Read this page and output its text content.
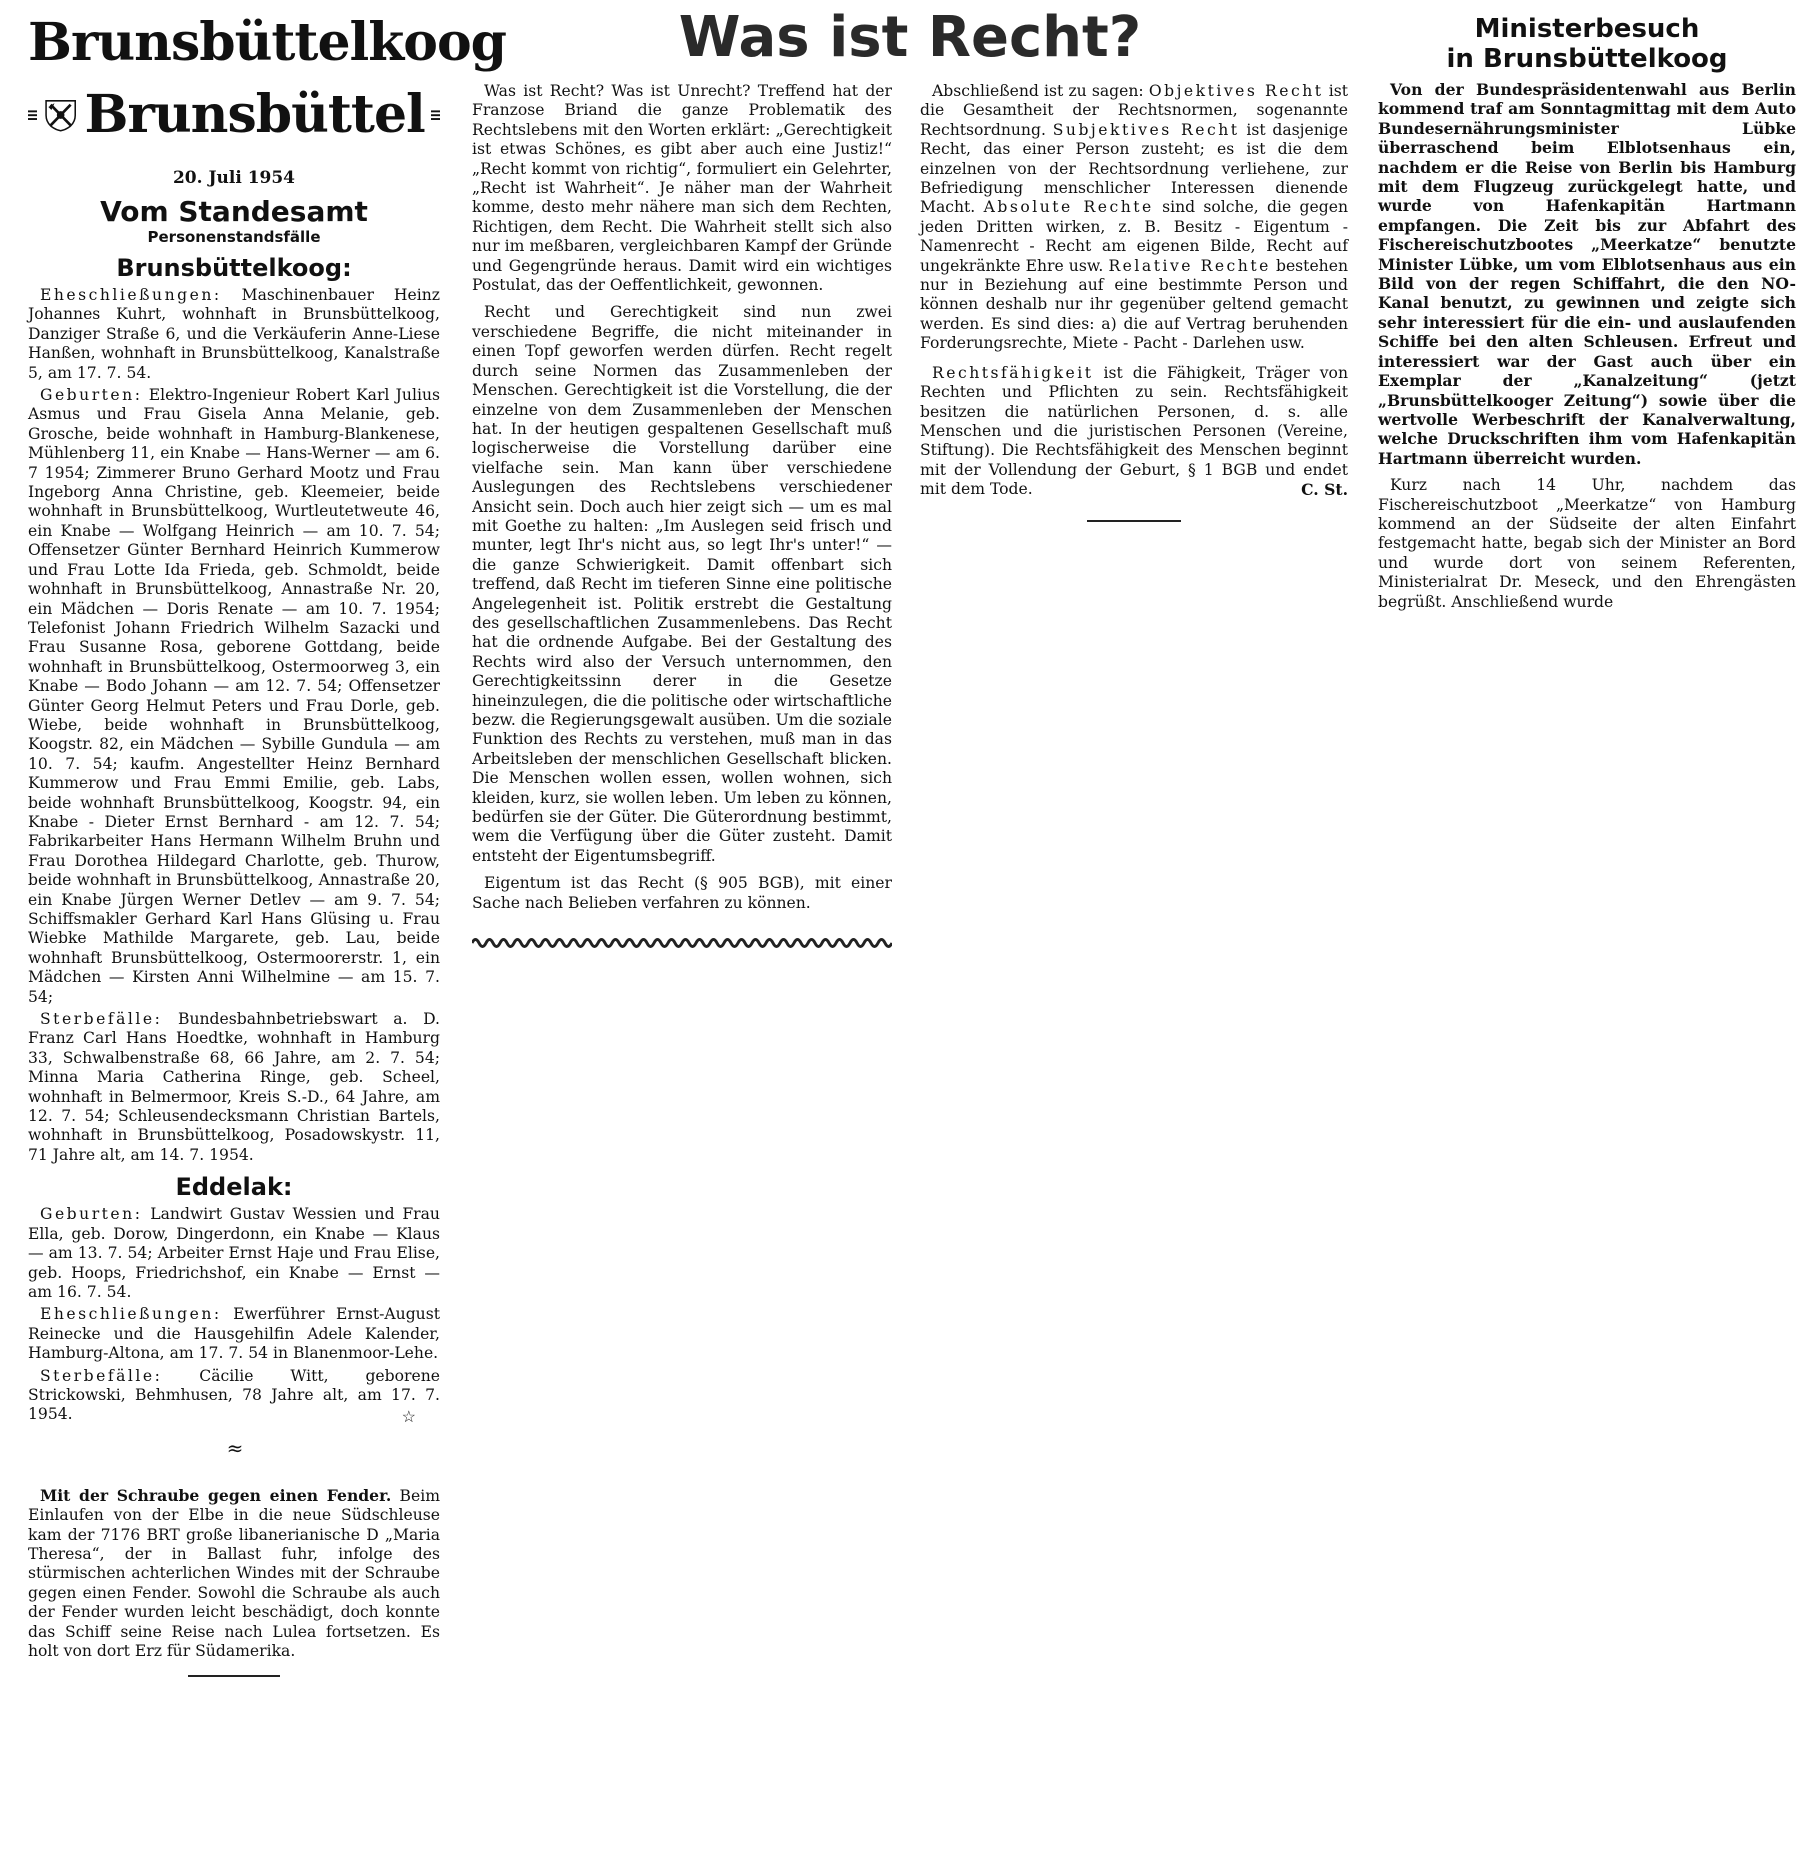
Brunsbüttelkoog
Brunsbüttel
20. Juli 1954
Vom Standesamt
Personenstandsfälle
Brunsbüttelkoog:

Eheschließungen: Maschinenbauer Heinz Johannes Kuhrt, wohnhaft in Brunsbüttelkoog, Danziger Straße 6, und die Verkäuferin Anne-Liese Hanßen, wohnhaft in Brunsbüttelkoog, Kanalstraße 5, am 17. 7. 54.

Geburten: Elektro-Ingenieur Robert Karl Julius Asmus und Frau Gisela Anna Melanie, geb. Grosche, beide wohnhaft in Hamburg-Blankenese, Mühlenberg 11, ein Knabe — Hans-Werner — am 6. 7 1954; Zimmerer Bruno Gerhard Mootz und Frau Ingeborg Anna Christine, geb. Kleemeier, beide wohnhaft in Brunsbüttelkoog, Wurtleutetweute 46, ein Knabe — Wolfgang Heinrich — am 10. 7. 54; Offensetzer Günter Bernhard Heinrich Kummerow und Frau Lotte Ida Frieda, geb. Schmoldt, beide wohnhaft in Brunsbüttelkoog, Annastraße Nr. 20, ein Mädchen — Doris Renate — am 10. 7. 1954; Telefonist Johann Friedrich Wilhelm Sazacki und Frau Susanne Rosa, geborene Gottdang, beide wohnhaft in Brunsbüttelkoog, Ostermoorweg 3, ein Knabe — Bodo Johann — am 12. 7. 54; Offensetzer Günter Georg Helmut Peters und Frau Dorle, geb. Wiebe, beide wohnhaft in Brunsbüttelkoog, Koogstr. 82, ein Mädchen — Sybille Gundula — am 10. 7. 54; kaufm. Angestellter Heinz Bernhard Kummerow und Frau Emmi Emilie, geb. Labs, beide wohnhaft Brunsbüttelkoog, Koogstr. 94, ein Knabe - Dieter Ernst Bernhard - am 12. 7. 54; Fabrikarbeiter Hans Hermann Wilhelm Bruhn und Frau Dorothea Hildegard Charlotte, geb. Thurow, beide wohnhaft in Brunsbüttelkoog, Annastraße 20, ein Knabe Jürgen Werner Detlev — am 9. 7. 54; Schiffsmakler Gerhard Karl Hans Glüsing u. Frau Wiebke Mathilde Margarete, geb. Lau, beide wohnhaft Brunsbüttelkoog, Ostermoorerstr. 1, ein Mädchen — Kirsten Anni Wilhelmine — am 15. 7. 54;

Sterbefälle: Bundesbahnbetriebswart a. D. Franz Carl Hans Hoedtke, wohnhaft in Hamburg 33, Schwalbenstraße 68, 66 Jahre, am 2. 7. 54; Minna Maria Catherina Ringe, geb. Scheel, wohnhaft in Belmermoor, Kreis S.-D., 64 Jahre, am 12. 7. 54; Schleusendecksmann Christian Bartels, wohnhaft in Brunsbüttelkoog, Posadowskystr. 11, 71 Jahre alt, am 14. 7. 1954.

Eddelak:

Geburten: Landwirt Gustav Wessien und Frau Ella, geb. Dorow, Dingerdonn, ein Knabe — Klaus — am 13. 7. 54; Arbeiter Ernst Haje und Frau Elise, geb. Hoops, Friedrichshof, ein Knabe — Ernst — am 16. 7. 54.

Eheschließungen: Ewerführer Ernst-August Reinecke und die Hausgehilfin Adele Kalender, Hamburg-Altona, am 17. 7. 54 in Blanenmoor-Lehe.

Sterbefälle: Cäcilie Witt, geborene Strickowski, Behmhusen, 78 Jahre alt, am 17. 7. 1954.	☆
≈

Mit der Schraube gegen einen Fender. Beim Einlaufen von der Elbe in die neue Südschleuse kam der 7176 BRT große libanerianische D „Maria Theresa“, der in Ballast fuhr, infolge des stürmischen achterlichen Windes mit der Schraube gegen einen Fender. Sowohl die Schraube als auch der Fender wurden leicht beschädigt, doch konnte das Schiff seine Reise nach Lulea fortsetzen. Es holt von dort Erz für Südamerika.

Was ist Recht?

Was ist Recht? Was ist Unrecht? Treffend hat der Franzose Briand die ganze Problematik des Rechtslebens mit den Worten erklärt: „Gerechtigkeit ist etwas Schönes, es gibt aber auch eine Justiz!“ „Recht kommt von richtig“, formuliert ein Gelehrter, „Recht ist Wahrheit“. Je näher man der Wahrheit komme, desto mehr nähere man sich dem Rechten, Richtigen, dem Recht. Die Wahrheit stellt sich also nur im meßbaren, vergleichbaren Kampf der Gründe und Gegengründe heraus. Damit wird ein wichtiges Postulat, das der Oeffentlichkeit, gewonnen.

Recht und Gerechtigkeit sind nun zwei verschiedene Begriffe, die nicht miteinander in einen Topf geworfen werden dürfen. Recht regelt durch seine Normen das Zusammenleben der Menschen. Gerechtigkeit ist die Vorstellung, die der einzelne von dem Zusammenleben der Menschen hat. In der heutigen gespaltenen Gesellschaft muß logischerweise die Vorstellung darüber eine vielfache sein. Man kann über verschiedene Auslegungen des Rechtslebens verschiedener Ansicht sein. Doch auch hier zeigt sich — um es mal mit Goethe zu halten: „Im Auslegen seid frisch und munter, legt Ihr's nicht aus, so legt Ihr's unter!“ — die ganze Schwierigkeit. Damit offenbart sich treffend, daß Recht im tieferen Sinne eine politische Angelegenheit ist. Politik erstrebt die Gestaltung des gesellschaftlichen Zusammenlebens. Das Recht hat die ordnende Aufgabe. Bei der Gestaltung des Rechts wird also der Versuch unternommen, den Gerechtigkeitssinn derer in die Gesetze hineinzulegen, die die politische oder wirtschaftliche bezw. die Regierungsgewalt ausüben. Um die soziale Funktion des Rechts zu verstehen, muß man in das Arbeitsleben der menschlichen Gesellschaft blicken. Die Menschen wollen essen, wollen wohnen, sich kleiden, kurz, sie wollen leben. Um leben zu können, bedürfen sie der Güter. Die Güterordnung bestimmt, wem die Verfügung über die Güter zusteht. Damit entsteht der Eigentumsbegriff.

Eigentum ist das Recht (§ 905 BGB), mit einer Sache nach Belieben verfahren zu können.

Abschließend ist zu sagen: Objektives Recht ist die Gesamtheit der Rechtsnormen, sogenannte Rechtsordnung. Subjektives Recht ist dasjenige Recht, das einer Person zusteht; es ist die dem einzelnen von der Rechtsordnung verliehene, zur Befriedigung menschlicher Interessen dienende Macht. Absolute Rechte sind solche, die gegen jeden Dritten wirken, z. B. Besitz - Eigentum - Namenrecht - Recht am eigenen Bilde, Recht auf ungekränkte Ehre usw. Relative Rechte bestehen nur in Beziehung auf eine bestimmte Person und können deshalb nur ihr gegenüber geltend gemacht werden. Es sind dies: a) die auf Vertrag beruhenden Forderungsrechte, Miete - Pacht - Darlehen usw.

Rechtsfähigkeit ist die Fähigkeit, Träger von Rechten und Pflichten zu sein. Rechtsfähigkeit besitzen die natürlichen Personen, d. s. alle Menschen und die juristischen Personen (Vereine, Stiftung). Die Rechtsfähigkeit des Menschen beginnt mit der Vollendung der Geburt, § 1 BGB und endet mit dem Tode.	C. St.

Ministerbesuch
in Brunsbüttelkoog

Von der Bundespräsidentenwahl aus Berlin kommend traf am Sonntagmittag mit dem Auto Bundesernährungsminister Lübke überraschend beim Elblotsenhaus ein, nachdem er die Reise von Berlin bis Hamburg mit dem Flugzeug zurückgelegt hatte, und wurde von Hafenkapitän Hartmann empfangen. Die Zeit bis zur Abfahrt des Fischereischutzbootes „Meerkatze“ benutzte Minister Lübke, um vom Elblotsenhaus aus ein Bild von der regen Schiffahrt, die den NO-Kanal benutzt, zu gewinnen und zeigte sich sehr interessiert für die ein- und auslaufenden Schiffe bei den alten Schleusen. Erfreut und interessiert war der Gast auch über ein Exemplar der „Kanalzeitung“ (jetzt „Brunsbüttelkooger Zeitung“) sowie über die wertvolle Werbeschrift der Kanalverwaltung, welche Druckschriften ihm vom Hafenkapitän Hartmann überreicht wurden.

Kurz nach 14 Uhr, nachdem das Fischereischutzboot „Meerkatze“ von Hamburg kommend an der Südseite der alten Einfahrt festgemacht hatte, begab sich der Minister an Bord und wurde dort von seinem Referenten, Ministerialrat Dr. Meseck, und den Ehrengästen begrüßt. Anschließend wurde
